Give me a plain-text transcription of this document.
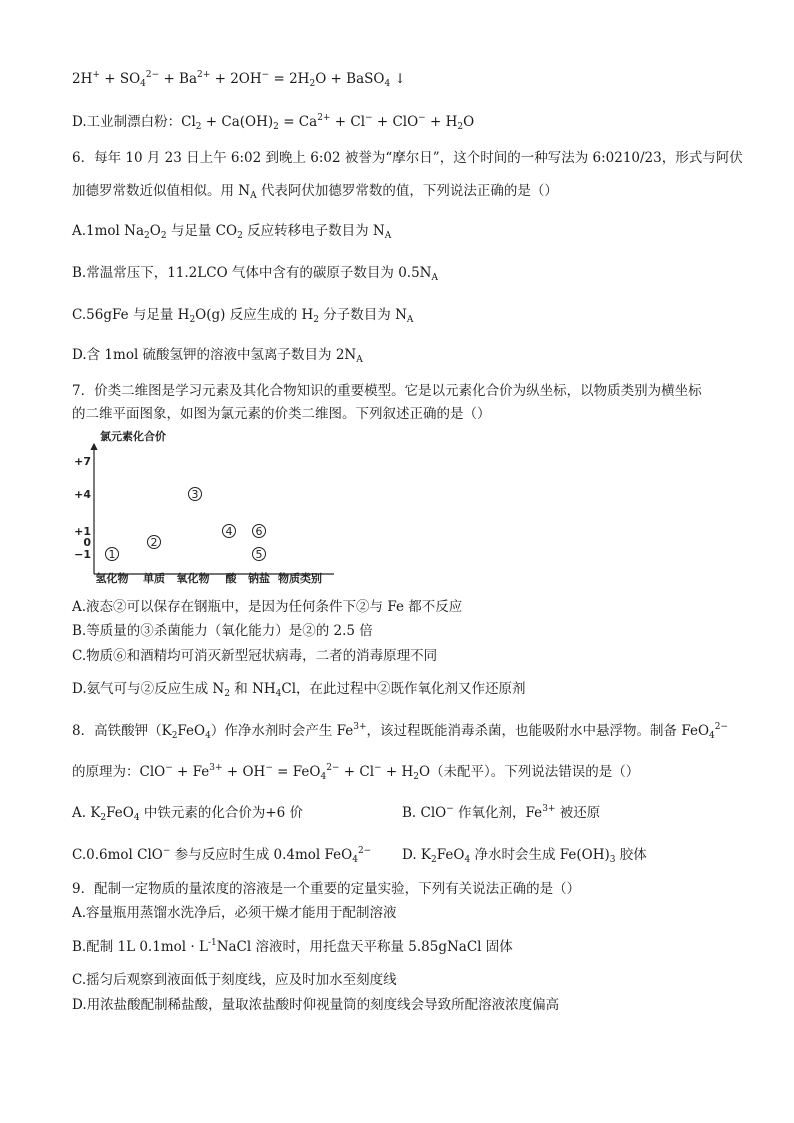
$2H^+ + SO_4^{2-} + Ba^{2+} + 2OH^- = 2H_2O$ + BaSO$_4$ ↓
D.工业制漂白粉：$Cl_2 + Ca(OH)_2 = Ca^{2+} + Cl^- + ClO^- + H_2O$
6．每年 10 月 23 日上午 6:02 到晚上 6:02 被誉为“摩尔日”，这个时间的一种写法为 6:0210/23，形式与阿伏
加德罗常数近似值相似。用 $N_A$ 代表阿伏加德罗常数的值，下列说法正确的是（）
A.1mol $Na_2O_2$ 与足量 $CO_2$ 反应转移电子数目为 $N_A$
B.常温常压下，11.2LCO 气体中含有的碳原子数目为 $0.5N_A$
C.56gFe 与足量 $H_2O(g)$ 反应生成的 $H_2$ 分子数目为 $N_A$
D.含 1mol 硫酸氢钾的溶液中氢离子数目为 $2N_A$
7．价类二维图是学习元素及其化合物知识的重要模型。它是以元素化合价为纵坐标，以物质类别为横坐标
的二维平面图象，如图为氯元素的价类二维图。下列叙述正确的是（）
氯元素化合价
+7
+4
+1
0
−1
氢化物 单质 氧化物 酸 钠盐
1
2
3
4 6
5
物质类别
A.液态②可以保存在钢瓶中，是因为任何条件下②与 Fe 都不反应
B.等质量的③杀菌能力（氧化能力）是②的 2.5 倍
C.物质⑥和酒精均可消灭新型冠状病毒，二者的消毒原理不同
D.氨气可与②反应生成 $N_2$ 和 $NH_4Cl$，在此过程中②既作氧化剂又作还原剂
8．高铁酸钾$(K_2FeO_4)$作净水剂时会产生 $Fe^{3+}$，该过程既能消毒杀菌，也能吸附水中悬浮物。制备 FeO$_4^{2-}$
的原理为：$ClO^- + Fe^{3+} + OH^- = FeO_4^{2-} + Cl^- + H_2O$（未配平）。下列说法错误的是（）
A. $K_2FeO_4$ 中铁元素的化合价为+6 价	B. ClO− 作氧化剂，$Fe^{3+}$ 被还原
C.0.6mol ClO− 参与反应时生成 0.4mol FeO$_4^{2-}$ D. $K_2FeO_4$ 净水时会生成 $Fe(OH)_3$ 胶体
9．配制一定物质的量浓度的溶液是一个重要的定量实验，下列有关说法正确的是（）
A.容量瓶用蒸馏水洗净后，必须干燥才能用于配制溶液
B.配制 1L $0.1mol \cdot L^{-1}NaCl$ 溶液时，用托盘天平称量 5.85gNaCl 固体
C.摇匀后观察到液面低于刻度线，应及时加水至刻度线
D.用浓盐酸配制稀盐酸，量取浓盐酸时仰视量筒的刻度线会导致所配溶液浓度偏高
